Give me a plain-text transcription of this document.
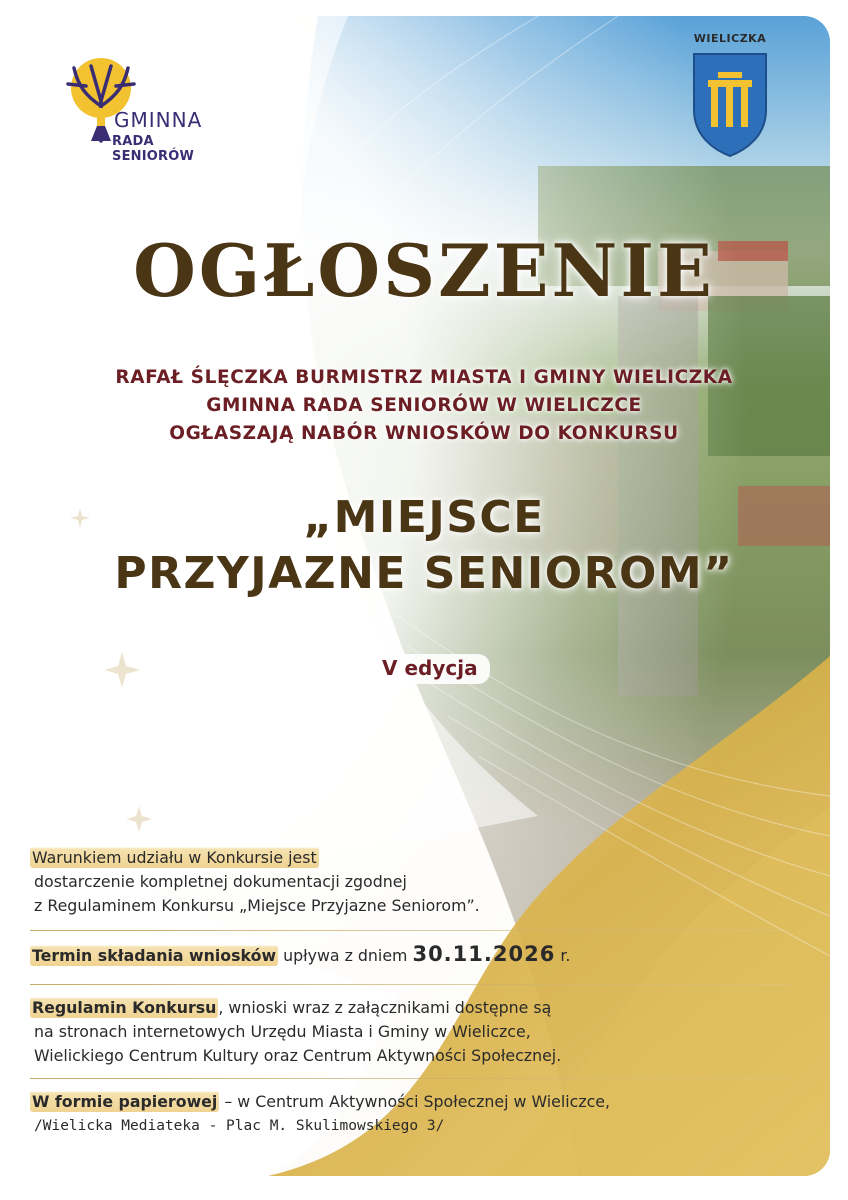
GMINNA
RADA SENIORÓW
WIELICZKA
OGŁOSZENIE
RAFAŁ ŚLĘCZKA BURMISTRZ MIASTA I GMINY WIELICZKA
GMINNA RADA SENIORÓW W WIELICZCE
OGŁASZAJĄ NABÓR WNIOSKÓW DO KONKURSU
„MIEJSCE
PRZYJAZNE SENIOROM”
V edycja
Warunkiem udziału w Konkursie jest
dostarczenie kompletnej dokumentacji zgodnej
z Regulaminem Konkursu „Miejsce Przyjazne Seniorom”.
Termin składania wniosków upływa z dniem 30.11.2026 r.
Regulamin Konkursu , wnioski wraz z załącznikami dostępne są
na stronach internetowych Urzędu Miasta i Gminy w Wieliczce,
Wielickiego Centrum Kultury oraz Centrum Aktywności Społecznej.
W formie papierowej – w Centrum Aktywności Społecznej w Wieliczce,
/Wielicka Mediateka - Plac M. Skulimowskiego 3/
